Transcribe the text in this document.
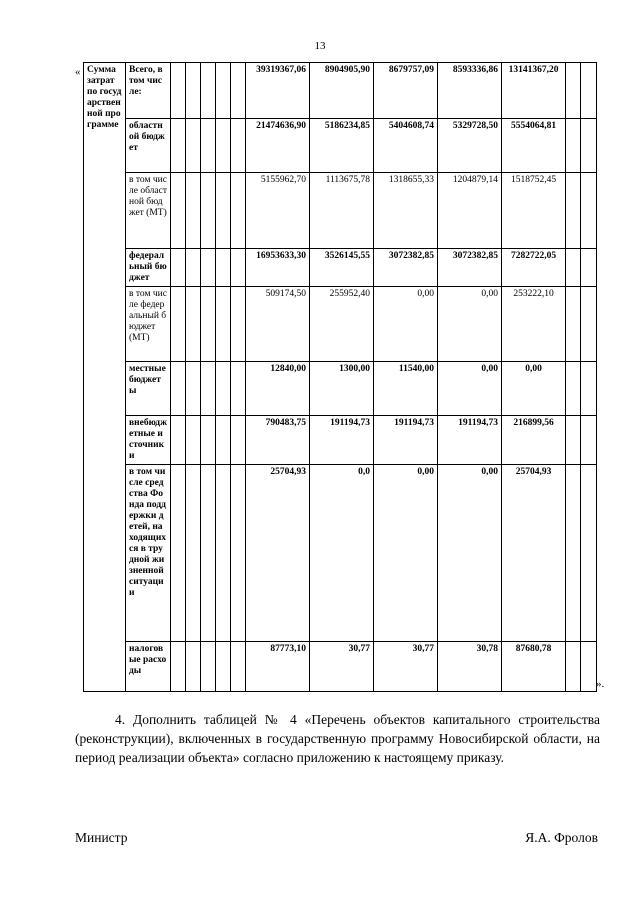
13
« Сумма затрат по государственной программе	Всего, в том числе:						39319367,06	8904905,90	8679757,09	8593336,86	13141367,20		
	областной бюджет						21474636,90	5186234,85	5404608,74	5329728,50	5554064,81		
	в том числе областной бюджет (МТ)						5155962,70	1113675,78	1318655,33	1204879,14	1518752,45		
	федеральный бюджет						16953633,30	3526145,55	3072382,85	3072382,85	7282722,05		
	в том числе федеральный бюджет (МТ)						509174,50	255952,40	0,00	0,00	253222,10		
	местные бюджеты						12840,00	1300,00	11540,00	0,00	0,00		
	внебюджетные источники						790483,75	191194,73	191194,73	191194,73	216899,56		
	в том числе средства Фонда поддержки детей, находящихся в трудной жизненной ситуации						25704,93	0,0	0,00	0,00	25704,93		
	налоговые расходы						87773,10	30,77	30,77	30,78	87680,78		
».
4. Дополнить таблицей № 4 «Перечень объектов капитального строительства (реконструкции), включенных в государственную программу Новосибирской области, на период реализации объекта» согласно приложению к настоящему приказу.
Министр	Я.А. Фролов
